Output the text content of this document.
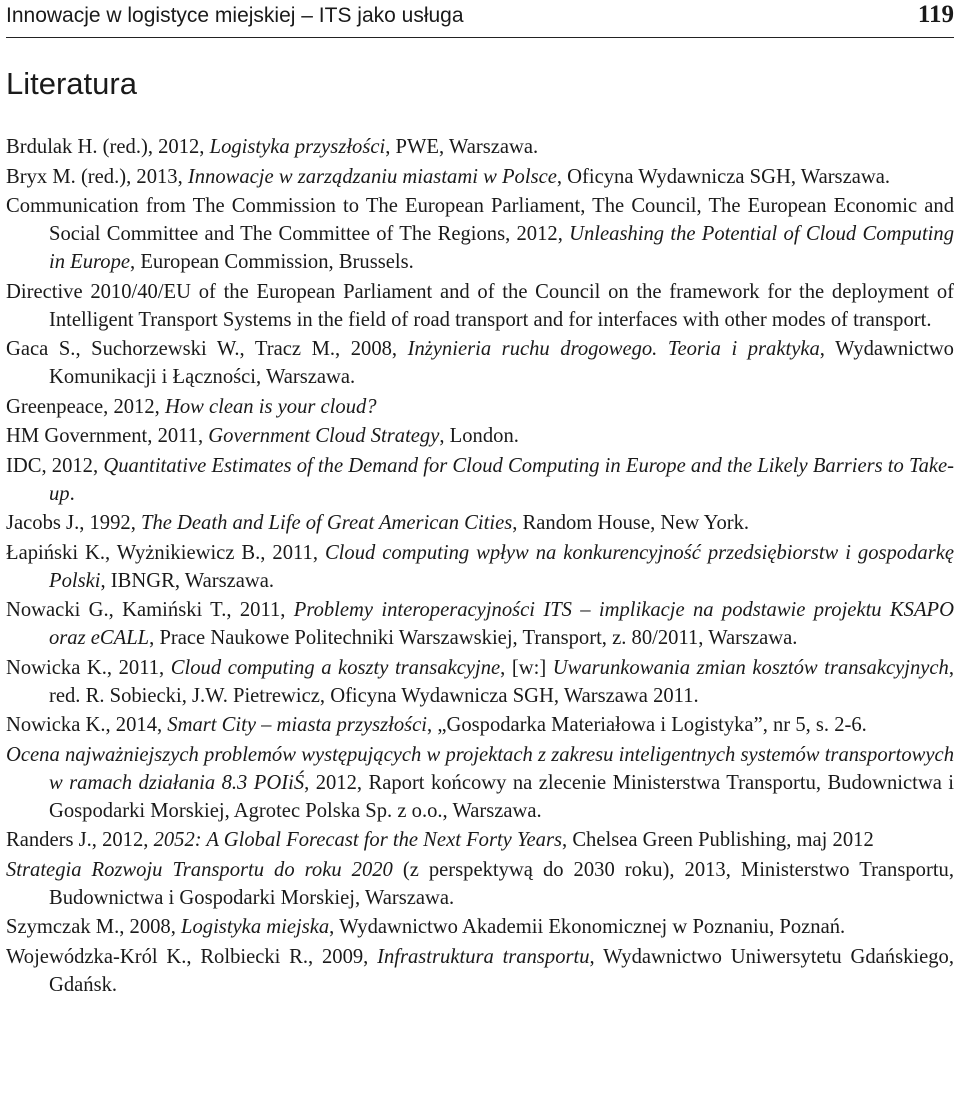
Innowacje w logistyce miejskiej – ITS jako usługa	119
Literatura

Brdulak H. (red.), 2012, Logistyka przyszłości, PWE, Warszawa.

Bryx M. (red.), 2013, Innowacje w zarządzaniu miastami w Polsce, Oficyna Wydawnicza SGH, Warszawa.

Communication from The Commission to The European Parliament, The Council, The European Economic and Social Committee and The Committee of The Regions, 2012, Unleashing the Potential of Cloud Computing in Europe, European Commission, Brussels.

Directive 2010/40/EU of the European Parliament and of the Council on the framework for the deployment of Intelligent Transport Systems in the field of road transport and for interfaces with other modes of transport.

Gaca S., Suchorzewski W., Tracz M., 2008, Inżynieria ruchu drogowego. Teoria i praktyka, Wydawnictwo Komunikacji i Łączności, Warszawa.

Greenpeace, 2012, How clean is your cloud?

HM Government, 2011, Government Cloud Strategy, London.

IDC, 2012, Quantitative Estimates of the Demand for Cloud Computing in Europe and the Likely Barriers to Take-up.

Jacobs J., 1992, The Death and Life of Great American Cities, Random House, New York.

Łapiński K., Wyżnikiewicz B., 2011, Cloud computing wpływ na konkurencyjność przedsiębiorstw i gospodarkę Polski, IBNGR, Warszawa.

Nowacki G., Kamiński T., 2011, Problemy interoperacyjności ITS – implikacje na podstawie projektu KSAPO oraz eCALL, Prace Naukowe Politechniki Warszawskiej, Transport, z. 80/2011, Warszawa.

Nowicka K., 2011, Cloud computing a koszty transakcyjne, [w:] Uwarunkowania zmian kosztów transakcyjnych, red. R. Sobiecki, J.W. Pietrewicz, Oficyna Wydawnicza SGH, Warszawa 2011.

Nowicka K., 2014, Smart City – miasta przyszłości, „Gospodarka Materiałowa i Logistyka”, nr 5, s. 2-6.

Ocena najważniejszych problemów występujących w projektach z zakresu inteligentnych systemów transportowych w ramach działania 8.3 POIiŚ, 2012, Raport końcowy na zlecenie Ministerstwa Transportu, Budownictwa i Gospodarki Morskiej, Agrotec Polska Sp. z o.o., Warszawa.

Randers J., 2012, 2052: A Global Forecast for the Next Forty Years, Chelsea Green Publishing, maj 2012

Strategia Rozwoju Transportu do roku 2020 (z perspektywą do 2030 roku), 2013, Ministerstwo Transportu, Budownictwa i Gospodarki Morskiej, Warszawa.

Szymczak M., 2008, Logistyka miejska, Wydawnictwo Akademii Ekonomicznej w Poznaniu, Poznań.

Wojewódzka-Król K., Rolbiecki R., 2009, Infrastruktura transportu, Wydawnictwo Uniwersytetu Gdańskiego, Gdańsk.
